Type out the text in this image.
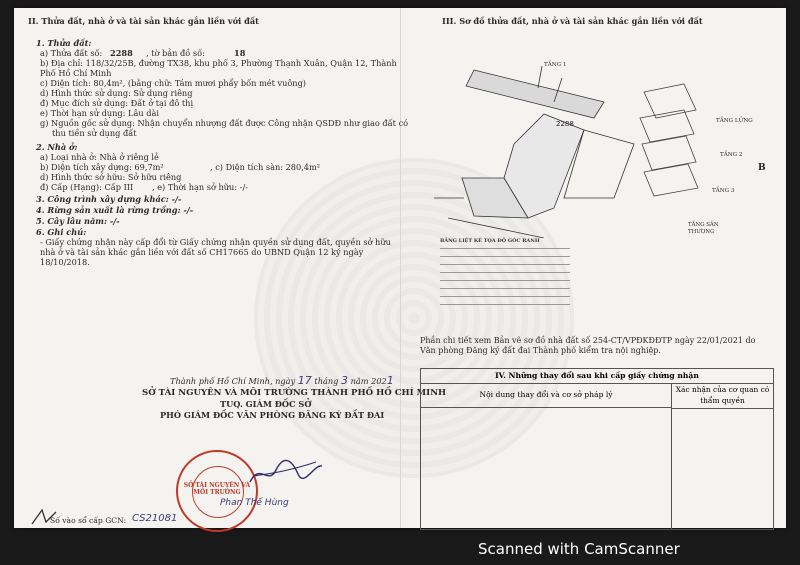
II. Thửa đất, nhà ở và tài sản khác gắn liền với đất
1. Thửa đất:
a) Thửa đất số: 2288 , tờ bản đồ số:	18
b) Địa chỉ: 118/32/25B, đường TX38, khu phố 3, Phường Thạnh Xuân, Quận 12, Thành
Phố Hồ Chí Minh
c) Diện tích: 80,4m², (bằng chữ: Tám mươi phẩy bốn mét vuông)
d) Hình thức sử dụng: Sử dụng riêng
đ) Mục đích sử dụng: Đất ở tại đô thị
e) Thời hạn sử dụng: Lâu dài
g) Nguồn gốc sử dụng: Nhận chuyển nhượng đất được Công nhận QSDĐ như giao đất có
thu tiền sử dụng đất
2. Nhà ở:
a) Loại nhà ở: Nhà ở riêng lẻ
b) Diện tích xây dựng: 69,7m²	, c) Diện tích sàn: 280,4m²
d) Hình thức sở hữu: Sở hữu riêng
đ) Cấp (Hạng): Cấp III , e) Thời hạn sở hữu: -/-
3. Công trình xây dựng khác: -/-
4. Rừng sản xuất là rừng trồng: -/-
5. Cây lâu năm: -/-
6. Ghi chú:
- Giấy chứng nhận này cấp đổi từ Giấy chứng nhận quyền sử dụng đất, quyền sở hữu
nhà ở và tài sản khác gắn liền với đất số CH17665 do UBND Quận 12 ký ngày
18/10/2018.
Thành phố Hồ Chí Minh, ngày 17 tháng 3 năm 2021
SỞ TÀI NGUYÊN VÀ MÔI TRƯỜNG THÀNH PHỐ HỒ CHÍ MINH
TUQ. GIÁM ĐỐC SỞ
PHÓ GIÁM ĐỐC VĂN PHÒNG ĐĂNG KÝ ĐẤT ĐAI
SỞ TÀI NGUYÊN VÀ MÔI TRƯỜNG
Phan Thế Hùng
Số vào sổ cấp GCN: CS21081
III. Sơ đồ thửa đất, nhà ở và tài sản khác gắn liền với đất
2288
TẦNG 1
TẦNG LỬNG
TẦNG 2
TẦNG 3
TẦNG SÂN THƯỢNG
B
BẢNG LIỆT KÊ TỌA ĐỘ GÓC RANH
Phần chi tiết xem Bản vẽ sơ đồ nhà đất số 254-CT/VPĐKĐĐTP ngày 22/01/2021 do
Văn phòng Đăng ký đất đai Thành phố kiểm tra nội nghiệp.
IV. Những thay đổi sau khi cấp giấy chứng nhận
Nội dung thay đổi và cơ sở pháp lý
Xác nhận của cơ quan có thẩm quyền
Scanned with CamScanner
